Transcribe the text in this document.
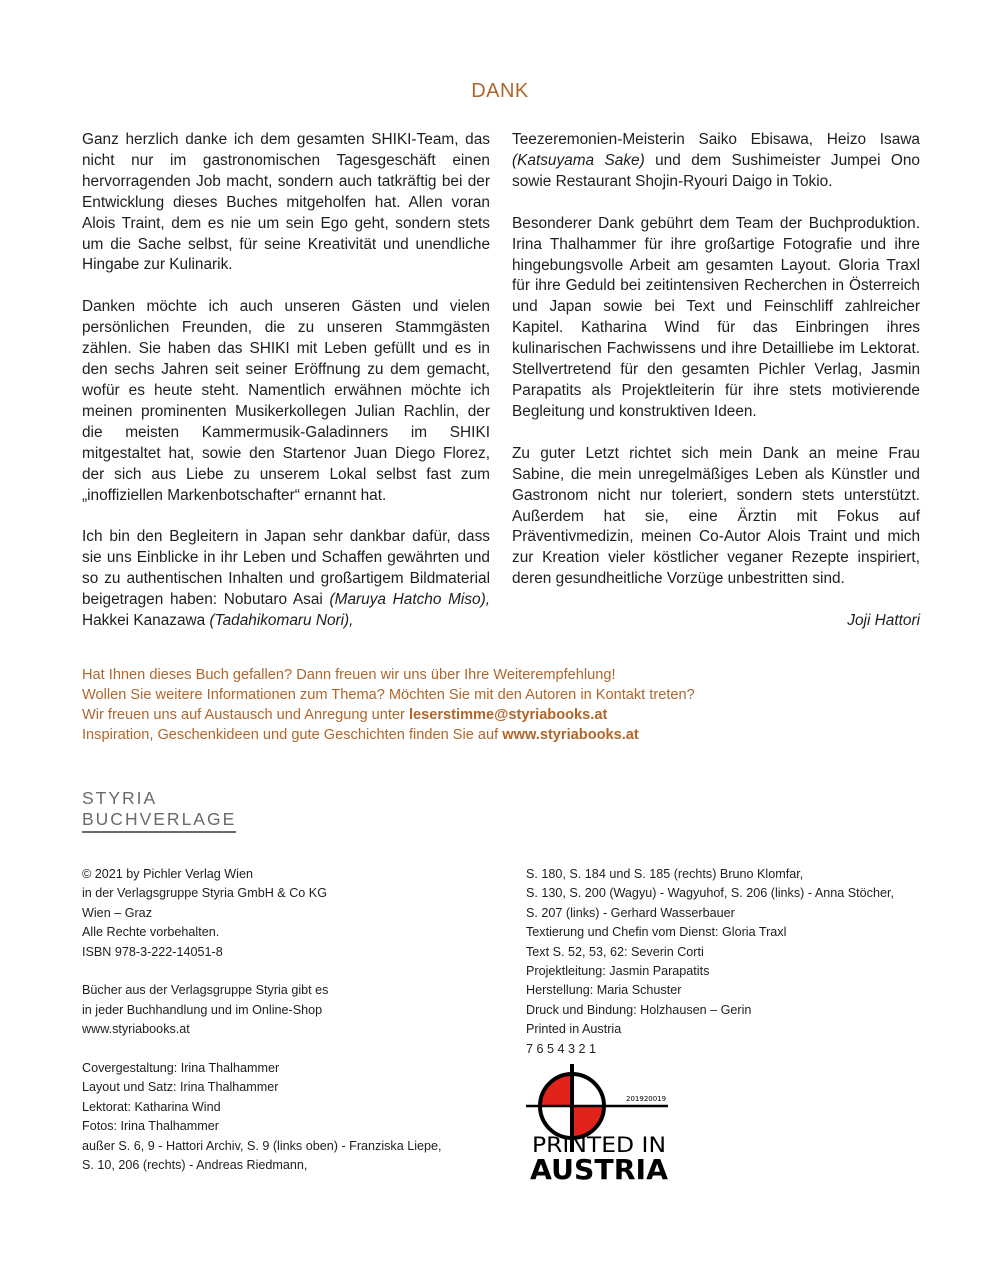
DANK

Ganz herzlich danke ich dem gesamten SHIKI-Team, das nicht nur im gastronomischen Tagesgeschäft einen hervorragenden Job macht, sondern auch tatkräftig bei der Entwicklung dieses Buches mitgeholfen hat. Allen voran Alois Traint, dem es nie um sein Ego geht, sondern stets um die Sache selbst, für seine Kreativität und unendliche Hingabe zur Kulinarik.

Danken möchte ich auch unseren Gästen und vielen persönlichen Freunden, die zu unseren Stammgästen zählen. Sie haben das SHIKI mit Leben gefüllt und es in den sechs Jahren seit seiner Eröffnung zu dem gemacht, wofür es heute steht. Namentlich erwähnen möchte ich meinen prominenten Musikerkollegen Julian Rachlin, der die meisten Kammermusik-Galadinners im SHIKI mitgestaltet hat, sowie den Startenor Juan Diego Florez, der sich aus Liebe zu unserem Lokal selbst fast zum „inoffiziellen Markenbotschafter“ ernannt hat.

Ich bin den Begleitern in Japan sehr dankbar dafür, dass sie uns Einblicke in ihr Leben und Schaffen gewährten und so zu authentischen Inhalten und großartigem Bildmaterial beigetragen haben: Nobutaro Asai (Maruya Hatcho Miso), Hakkei Kanazawa (Tadahikomaru Nori),

Teezeremonien-Meisterin Saiko Ebisawa, Heizo Isawa (Katsuyama Sake) und dem Sushimeister Jumpei Ono sowie Restaurant Shojin-Ryouri Daigo in Tokio.

Besonderer Dank gebührt dem Team der Buchproduktion. Irina Thalhammer für ihre großartige Fotografie und ihre hingebungsvolle Arbeit am gesamten Layout. Gloria Traxl für ihre Geduld bei zeitintensiven Recherchen in Österreich und Japan sowie bei Text und Feinschliff zahlreicher Kapitel. Katharina Wind für das Einbringen ihres kulinarischen Fachwissens und ihre Detailliebe im Lektorat. Stellvertretend für den gesamten Pichler Verlag, Jasmin Parapatits als Projektleiterin für ihre stets motivierende Begleitung und konstruktiven Ideen.

Zu guter Letzt richtet sich mein Dank an meine Frau Sabine, die mein unregelmäßiges Leben als Künstler und Gastronom nicht nur toleriert, sondern stets unterstützt. Außerdem hat sie, eine Ärztin mit Fokus auf Präventivmedizin, meinen Co-Autor Alois Traint und mich zur Kreation vieler köstlicher veganer Rezepte inspiriert, deren gesundheitliche Vorzüge unbestritten sind.

Joji Hattori
Hat Ihnen dieses Buch gefallen? Dann freuen wir uns über Ihre Weiterempfehlung!
Wollen Sie weitere Informationen zum Thema? Möchten Sie mit den Autoren in Kontakt treten?
Wir freuen uns auf Austausch und Anregung unter leserstimme@styriabooks.at
Inspiration, Geschenkideen und gute Geschichten finden Sie auf www.styriabooks.at
STYRIA
BUCHVERLAGE
© 2021 by Pichler Verlag Wien
in der Verlagsgruppe Styria GmbH & Co KG
Wien – Graz
Alle Rechte vorbehalten.
ISBN 978-3-222-14051-8
Bücher aus der Verlagsgruppe Styria gibt es
in jeder Buchhandlung und im Online-Shop
www.styriabooks.at
Covergestaltung: Irina Thalhammer
Layout und Satz: Irina Thalhammer
Lektorat: Katharina Wind
Fotos: Irina Thalhammer
außer S. 6, 9 - Hattori Archiv, S. 9 (links oben) - Franziska Liepe,
S. 10, 206 (rechts) - Andreas Riedmann,
S. 180, S. 184 und S. 185 (rechts) Bruno Klomfar,
S. 130, S. 200 (Wagyu) - Wagyuhof, S. 206 (links) - Anna Stöcher,
S. 207 (links) - Gerhard Wasserbauer
Textierung und Chefin vom Dienst: Gloria Traxl
Text S. 52, 53, 62: Severin Corti
Projektleitung: Jasmin Parapatits
Herstellung: Maria Schuster
Druck und Bindung: Holzhausen – Gerin
Printed in Austria
7 6 5 4 3 2 1
201920019
PRINTED IN
AUSTRIA
